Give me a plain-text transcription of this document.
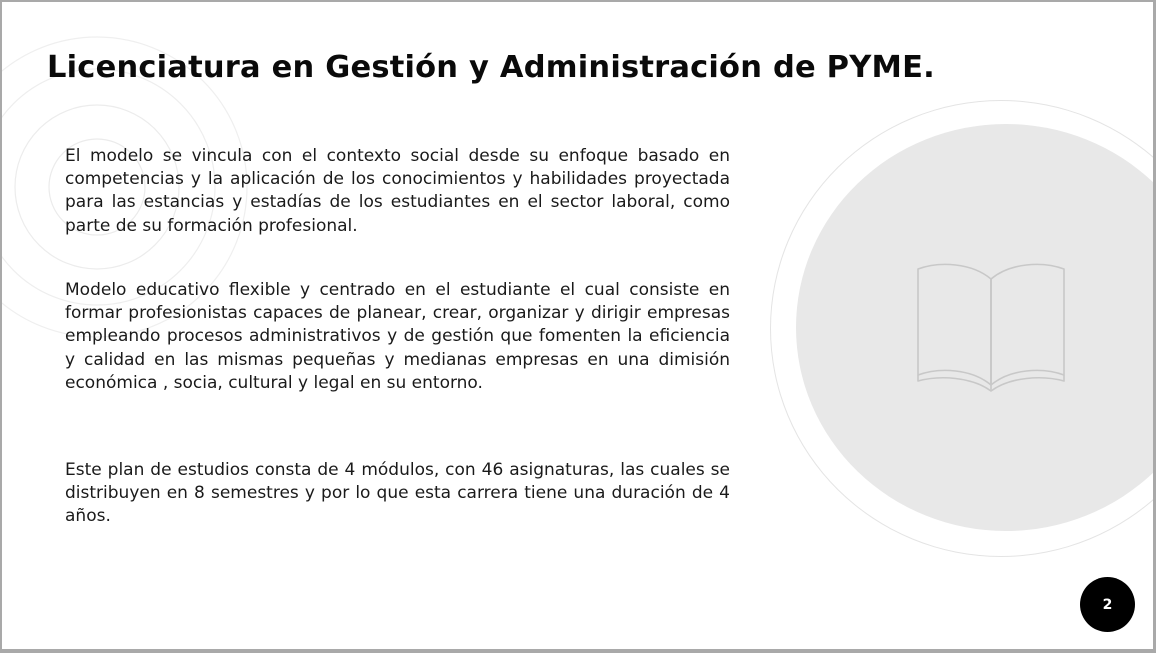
Licenciatura en Gestión y Administración de PYME.

El modelo se vincula con el contexto social desde su enfoque basado en competencias y la aplicación de los conocimientos y habilidades proyectada para las estancias y estadías de los estudiantes en el sector laboral, como parte de su formación profesional.

Modelo educativo flexible y centrado en el estudiante el cual consiste en formar profesionistas capaces de planear, crear, organizar y dirigir empresas empleando procesos administrativos y de gestión que fomenten la eficiencia y calidad en las mismas pequeñas y medianas empresas en una dimisión económica , socia, cultural y legal en su entorno.

Este plan de estudios consta de 4 módulos, con 46 asignaturas, las cuales se distribuyen en 8 semestres y por lo que esta carrera tiene una duración de 4 años.

2
